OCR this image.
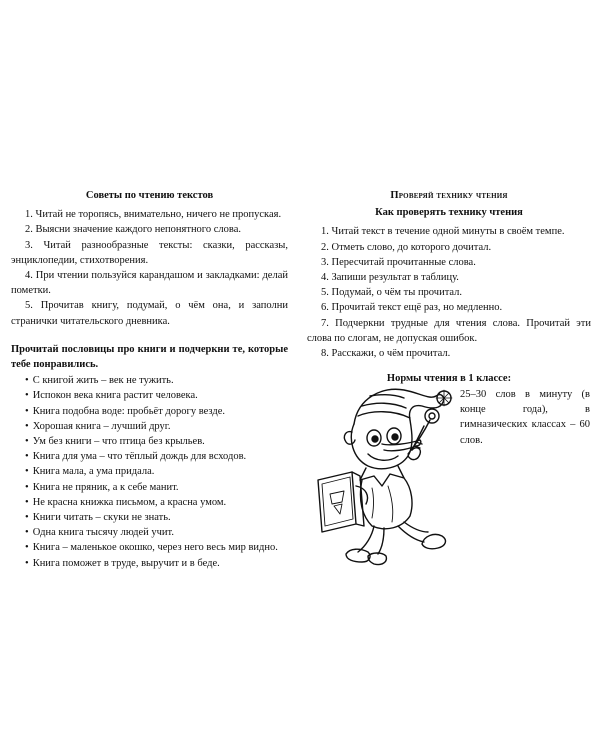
Советы по чтению текстов

1. Читай не торопясь, внимательно, ничего не пропуская.

2. Выясни значение каждого непонятного слова.

3. Читай разнообразные тексты: сказки, рассказы, энциклопедии, стихотворения.

4. При чтении пользуйся карандашом и закладками: делай пометки.

5. Прочитав книгу, подумай, о чём она, и заполни странички читательского дневника.

Прочитай пословицы про книги и подчеркни те, которые тебе понравились.

• С книгой жить – век не тужить.
• Испокон века книга растит человека.
• Книга подобна воде: пробьёт дорогу везде.
• Хорошая книга – лучший друг.
• Ум без книги – что птица без крыльев.
• Книга для ума – что тёплый дождь для всходов.
• Книга мала, а ума придала.
• Книга не пряник, а к себе манит.
• Не красна книжка письмом, а красна умом.
• Книги читать – скуки не знать.
• Одна книга тысячу людей учит.
• Книга – маленькое окошко, через него весь мир видно.
• Книга поможет в труде, выручит и в беде.

Проверяй технику чтения

Как проверять технику чтения

1. Читай текст в течение одной минуты в своём темпе.

2. Отметь слово, до которого дочитал.

3. Пересчитай прочитанные слова.

4. Запиши результат в таблицу.

5. Подумай, о чём ты прочитал.

6. Прочитай текст ещё раз, но медленно.

7. Подчеркни трудные для чтения слова. Прочитай эти слова по слогам, не допуская ошибок.

8. Расскажи, о чём прочитал.

Нормы чтения в 1 классе:

25–30 слов в минуту (в конце года), в гимназических классах – 60 слов.
